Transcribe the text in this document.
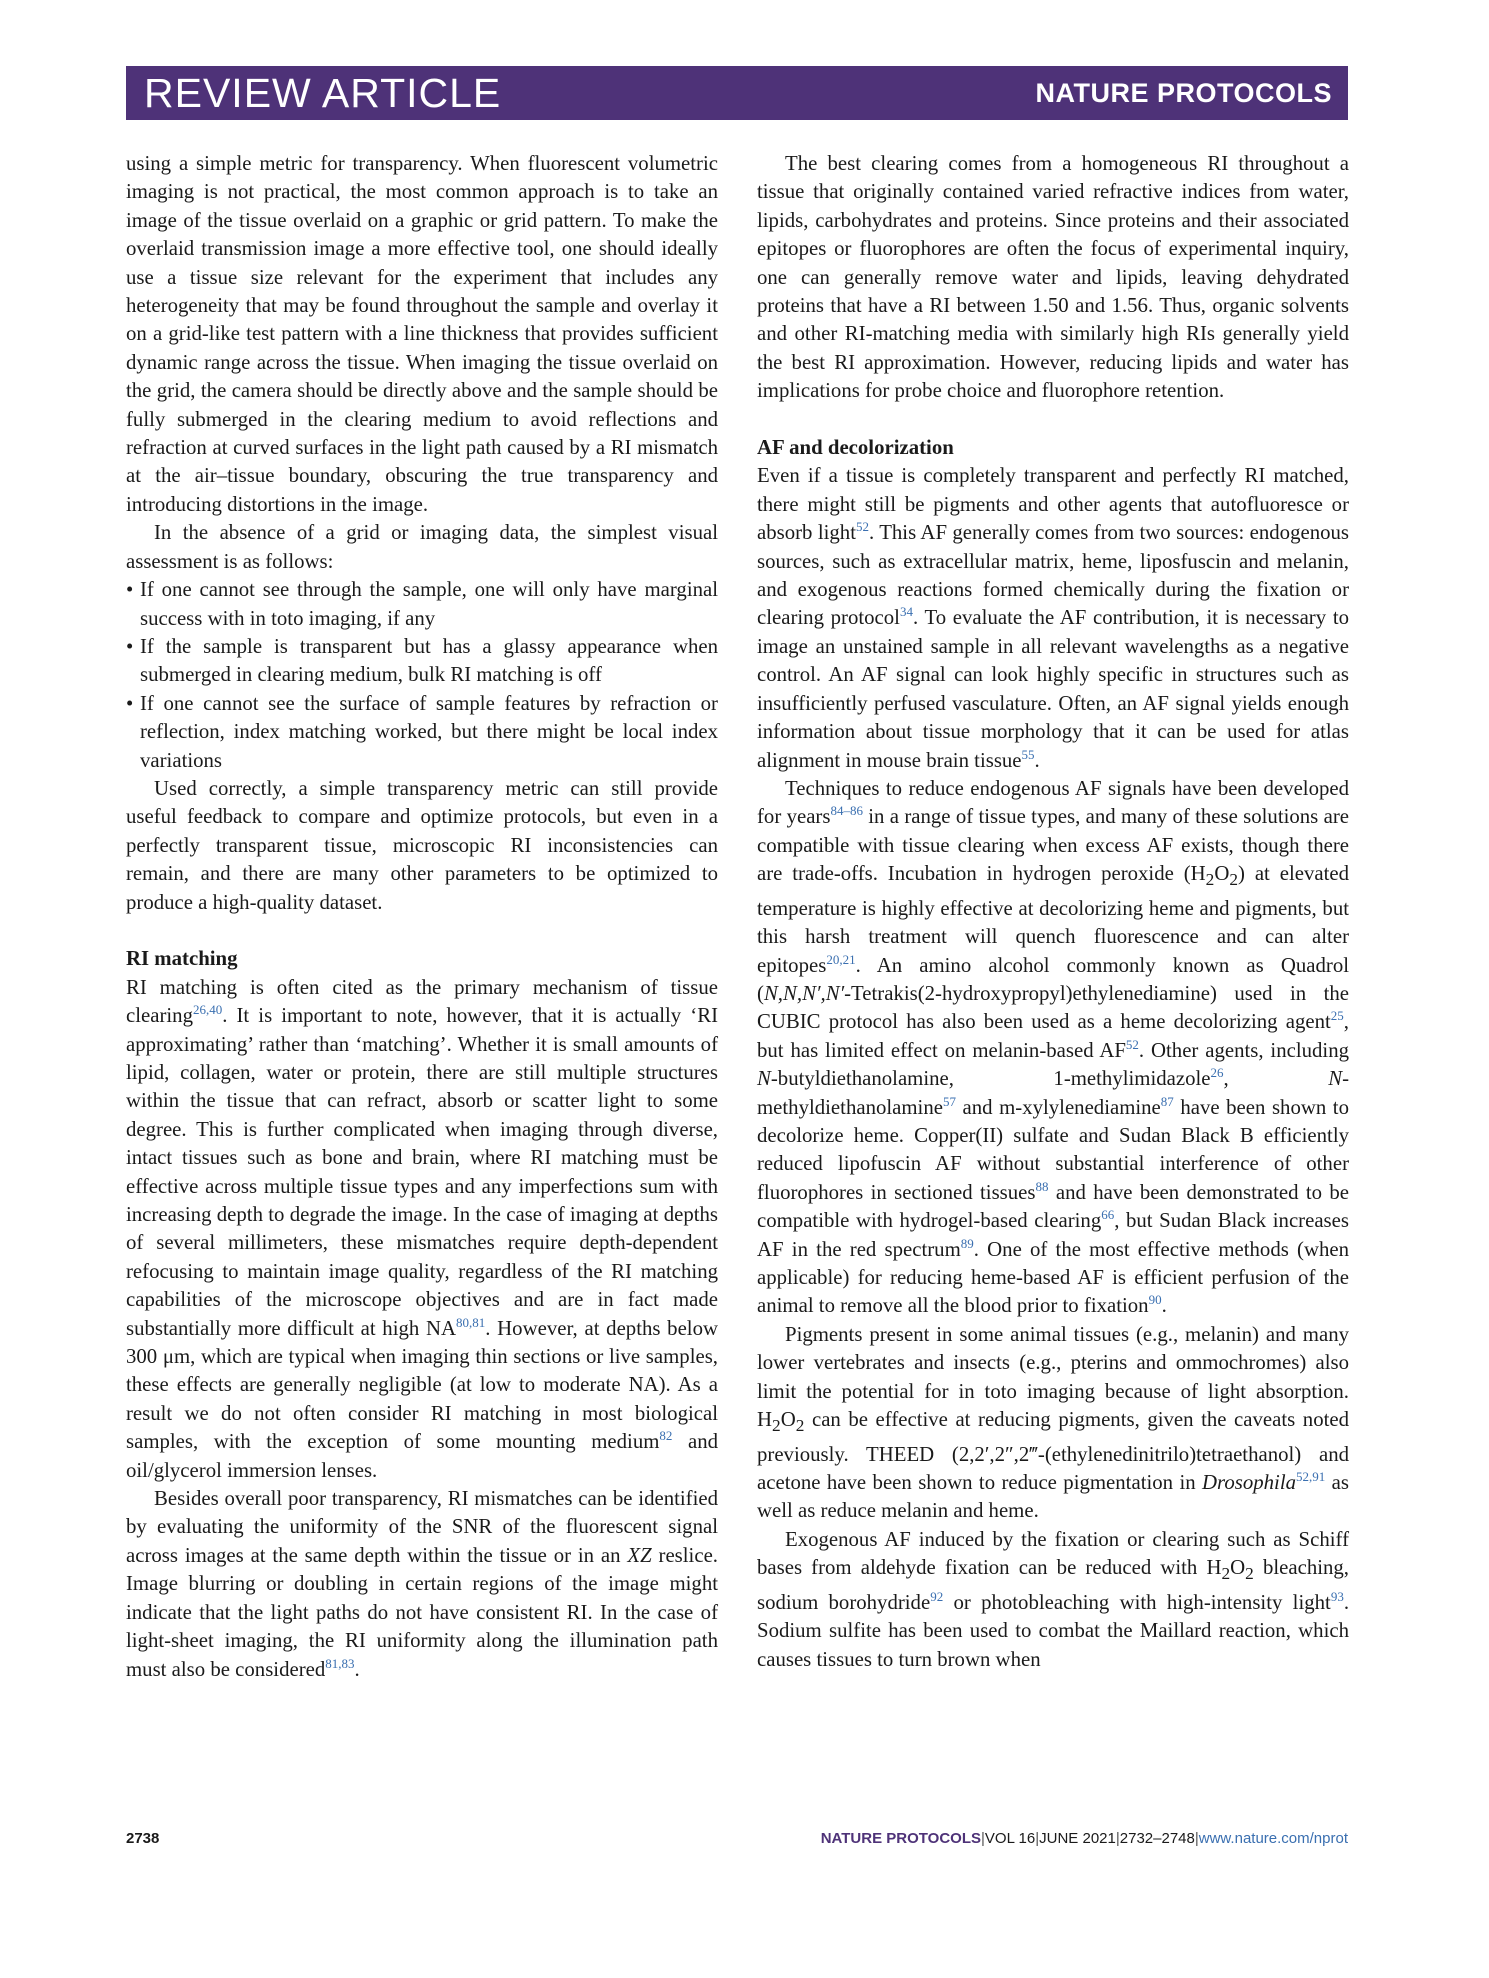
REVIEW ARTICLE	NATURE PROTOCOLS

using a simple metric for transparency. When fluorescent volumetric imaging is not practical, the most common approach is to take an image of the tissue overlaid on a graphic or grid pattern. To make the overlaid transmission image a more effective tool, one should ideally use a tissue size relevant for the experiment that includes any heterogeneity that may be found throughout the sample and overlay it on a grid-like test pattern with a line thickness that provides sufficient dynamic range across the tissue. When imaging the tissue overlaid on the grid, the camera should be directly above and the sample should be fully submerged in the clearing medium to avoid reflections and refraction at curved surfaces in the light path caused by a RI mismatch at the air–tissue boundary, obscuring the true transparency and introducing distortions in the image.

In the absence of a grid or imaging data, the simplest visual assessment is as follows:

• If one cannot see through the sample, one will only have marginal success with in toto imaging, if any
• If the sample is transparent but has a glassy appearance when submerged in clearing medium, bulk RI matching is off
• If one cannot see the surface of sample features by refraction or reflection, index matching worked, but there might be local index variations

Used correctly, a simple transparency metric can still provide useful feedback to compare and optimize protocols, but even in a perfectly transparent tissue, microscopic RI inconsistencies can remain, and there are many other parameters to be optimized to produce a high-quality dataset.

RI matching

RI matching is often cited as the primary mechanism of tissue clearing$^{26,40}$. It is important to note, however, that it is actually ‘RI approximating’ rather than ‘matching’. Whether it is small amounts of lipid, collagen, water or protein, there are still multiple structures within the tissue that can refract, absorb or scatter light to some degree. This is further complicated when imaging through diverse, intact tissues such as bone and brain, where RI matching must be effective across multiple tissue types and any imperfections sum with increasing depth to degrade the image. In the case of imaging at depths of several millimeters, these mismatches require depth-dependent refocusing to maintain image quality, regardless of the RI matching capabilities of the microscope objectives and are in fact made substantially more difficult at high NA$^{80,81}$. However, at depths below 300 μm, which are typical when imaging thin sections or live samples, these effects are generally negligible (at low to moderate NA). As a result we do not often consider RI matching in most biological samples, with the exception of some mounting medium$^{82}$ and oil/glycerol immersion lenses.

Besides overall poor transparency, RI mismatches can be identified by evaluating the uniformity of the SNR of the fluorescent signal across images at the same depth within the tissue or in an XZ reslice. Image blurring or doubling in certain regions of the image might indicate that the light paths do not have consistent RI. In the case of light-sheet imaging, the RI uniformity along the illumination path must also be considered$^{81,83}$.

The best clearing comes from a homogeneous RI throughout a tissue that originally contained varied refractive indices from water, lipids, carbohydrates and proteins. Since proteins and their associated epitopes or fluorophores are often the focus of experimental inquiry, one can generally remove water and lipids, leaving dehydrated proteins that have a RI between 1.50 and 1.56. Thus, organic solvents and other RI-matching media with similarly high RIs generally yield the best RI approximation. However, reducing lipids and water has implications for probe choice and fluorophore retention.

AF and decolorization

Even if a tissue is completely transparent and perfectly RI matched, there might still be pigments and other agents that autofluoresce or absorb light$^{52}$. This AF generally comes from two sources: endogenous sources, such as extracellular matrix, heme, liposfuscin and melanin, and exogenous reactions formed chemically during the fixation or clearing protocol$^{34}$. To evaluate the AF contribution, it is necessary to image an unstained sample in all relevant wavelengths as a negative control. An AF signal can look highly specific in structures such as insufficiently perfused vasculature. Often, an AF signal yields enough information about tissue morphology that it can be used for atlas alignment in mouse brain tissue$^{55}$.

Techniques to reduce endogenous AF signals have been developed for years$^{84-86}$ in a range of tissue types, and many of these solutions are compatible with tissue clearing when excess AF exists, though there are trade-offs. Incubation in hydrogen peroxide $(H_2O_2)$ at elevated temperature is highly effective at decolorizing heme and pigments, but this harsh treatment will quench fluorescence and can alter epitopes$^{20,21}$. An amino alcohol commonly known as Quadrol (N,N,N′,N′-Tetrakis(2-hydroxypropyl)ethylenediamine) used in the CUBIC protocol has also been used as a heme decolorizing agent$^{25}$, but has limited effect on melanin-based AF$^{52}$. Other agents, including N-butyldiethanolamine, 1-methylimidazole$^{26}$, N-methyldiethanolamine$^{57}$ and m-xylylenediamine$^{87}$ have been shown to decolorize heme. Copper(II) sulfate and Sudan Black B efficiently reduced lipofuscin AF without substantial interference of other fluorophores in sectioned tissues$^{88}$ and have been demonstrated to be compatible with hydrogel-based clearing$^{66}$, but Sudan Black increases AF in the red spectrum$^{89}$. One of the most effective methods (when applicable) for reducing heme-based AF is efficient perfusion of the animal to remove all the blood prior to fixation$^{90}$.

Pigments present in some animal tissues (e.g., melanin) and many lower vertebrates and insects (e.g., pterins and ommochromes) also limit the potential for in toto imaging because of light absorption. $H_2O_2$ can be effective at reducing pigments, given the caveats noted previously. THEED (2,2′,2″,2‴-(ethylenedinitrilo)tetraethanol) and acetone have been shown to reduce pigmentation in Drosophila$^{52,91}$ as well as reduce melanin and heme.

Exogenous AF induced by the fixation or clearing such as Schiff bases from aldehyde fixation can be reduced with $H_2O_2$ bleaching, sodium borohydride$^{92}$ or photobleaching with high-intensity light$^{93}$. Sodium sulfite has been used to combat the Maillard reaction, which causes tissues to turn brown when

2738	NATURE PROTOCOLS|VOL 16|JUNE 2021|2732–2748|www.nature.com/nprot
